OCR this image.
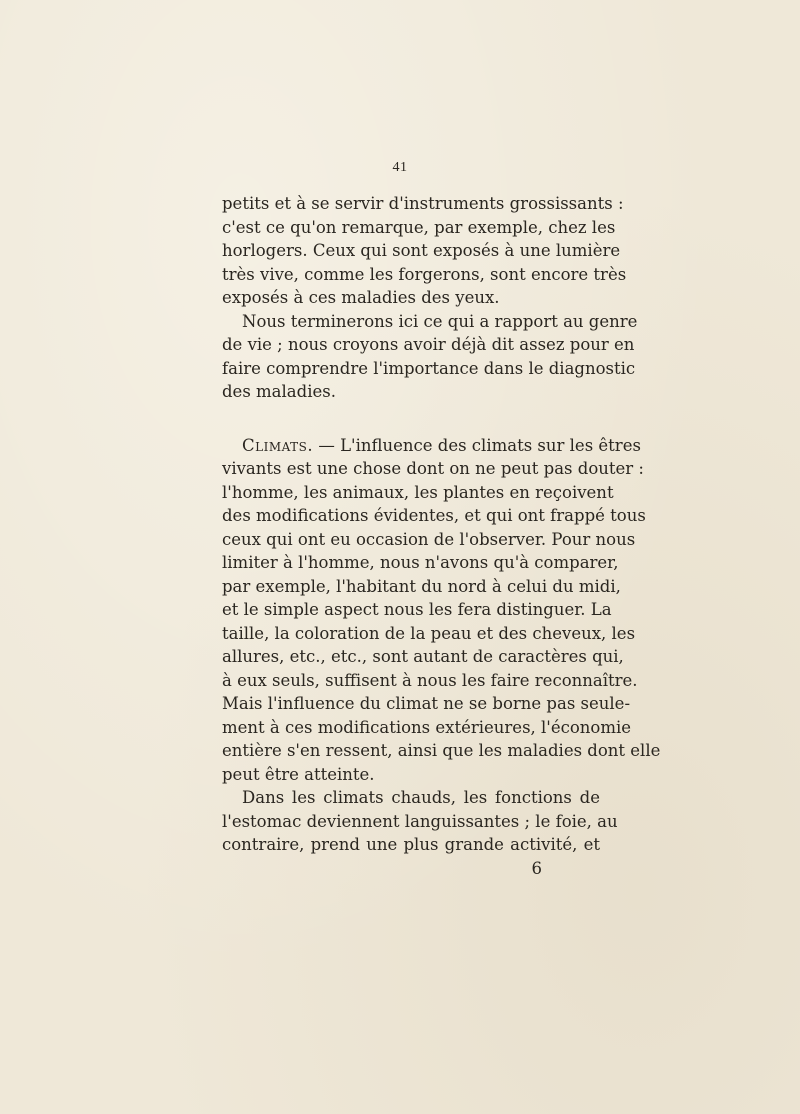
41
petits et à se servir d'instruments grossissants :
c'est ce qu'on remarque, par exemple, chez les
horlogers. Ceux qui sont exposés à une lumière
très vive, comme les forgerons, sont encore très
exposés à ces maladies des yeux.
Nous terminerons ici ce qui a rapport au genre
de vie ; nous croyons avoir déjà dit assez pour en
faire comprendre l'importance dans le diagnostic
des maladies.
Climats. — L'influence des climats sur les êtres
vivants est une chose dont on ne peut pas douter :
l'homme, les animaux, les plantes en reçoivent
des modifications évidentes, et qui ont frappé tous
ceux qui ont eu occasion de l'observer. Pour nous
limiter à l'homme, nous n'avons qu'à comparer,
par exemple, l'habitant du nord à celui du midi,
et le simple aspect nous les fera distinguer. La
taille, la coloration de la peau et des cheveux, les
allures, etc., etc., sont autant de caractères qui,
à eux seuls, suffisent à nous les faire reconnaître.
Mais l'influence du climat ne se borne pas seule-
ment à ces modifications extérieures, l'économie
entière s'en ressent, ainsi que les maladies dont elle
peut être atteinte.
Dans les climats chauds, les fonctions de
l'estomac deviennent languissantes ; le foie, au
contraire, prend une plus grande activité, et
6
